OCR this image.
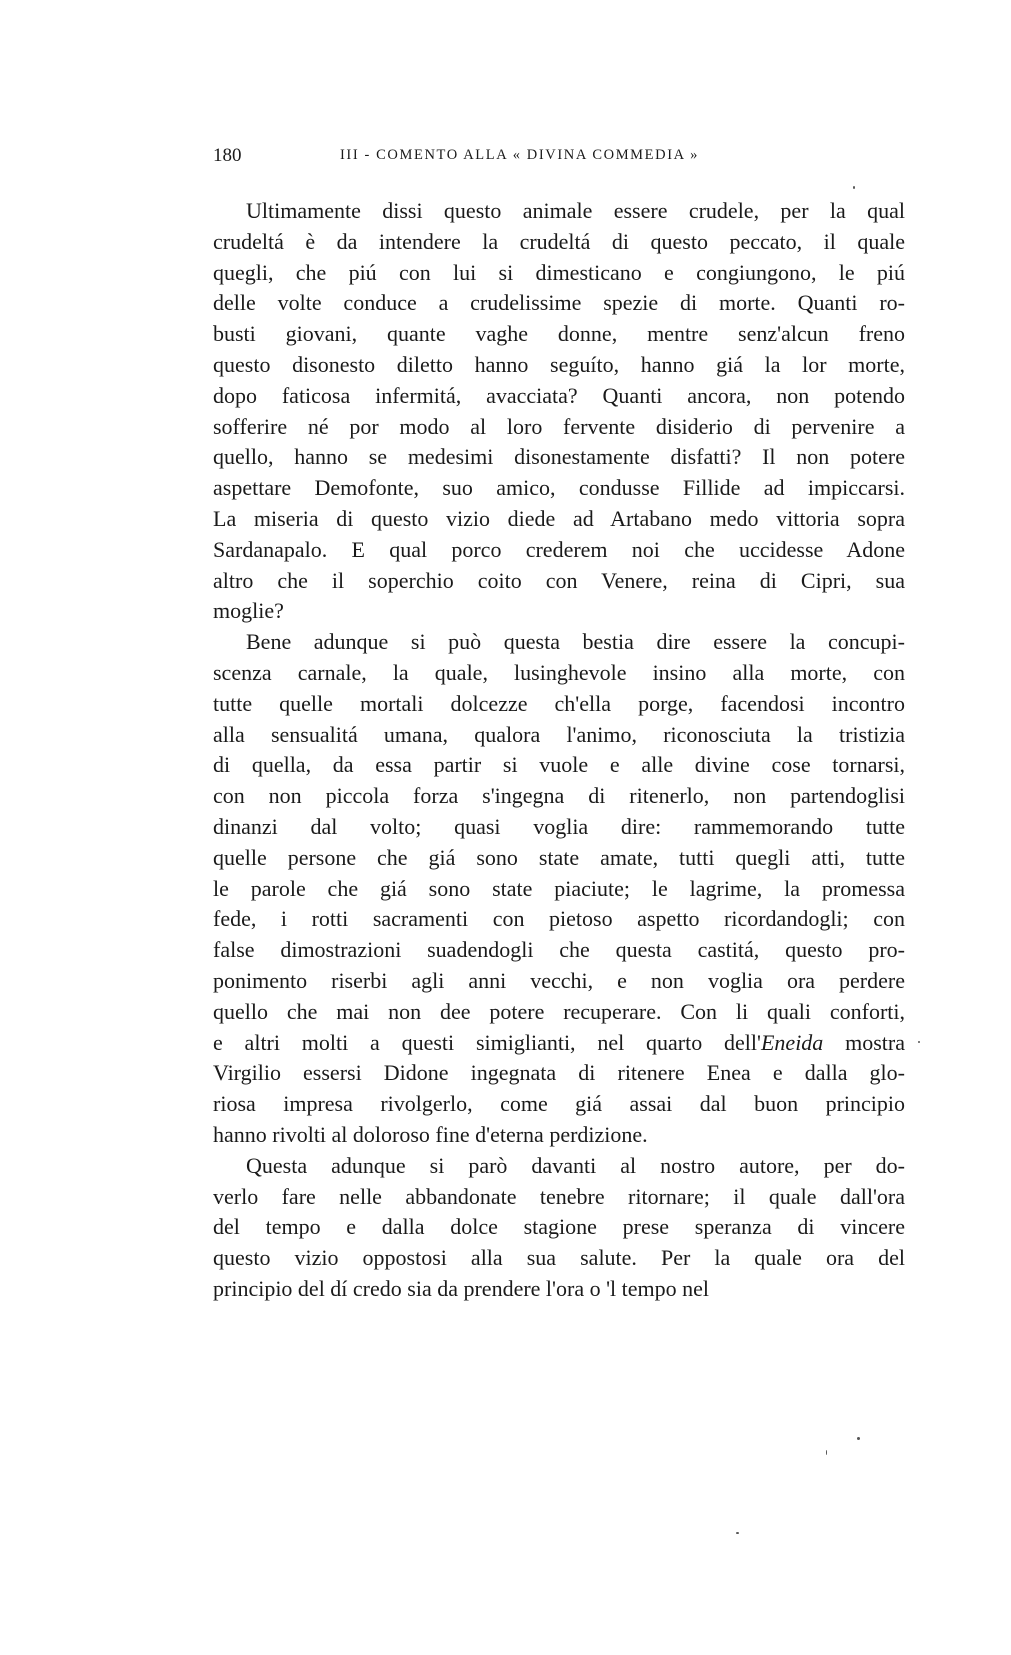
180	III - COMENTO ALLA « DIVINA COMMEDIA »
Ultimamente dissi questo animale essere crudele, per la qual
crudeltá è da intendere la crudeltá di questo peccato, il quale
quegli, che piú con lui si dimesticano e congiungono, le piú
delle volte conduce a crudelissime spezie di morte. Quanti ro-
busti giovani, quante vaghe donne, mentre senz'alcun freno
questo disonesto diletto hanno seguíto, hanno giá la lor morte,
dopo faticosa infermitá, avacciata? Quanti ancora, non potendo
sofferire né por modo al loro fervente disiderio di pervenire a
quello, hanno se medesimi disonestamente disfatti? Il non potere
aspettare Demofonte, suo amico, condusse Fillide ad impiccarsi.
La miseria di questo vizio diede ad Artabano medo vittoria sopra
Sardanapalo. E qual porco crederem noi che uccidesse Adone
altro che il soperchio coito con Venere, reina di Cipri, sua
moglie?
Bene adunque si può questa bestia dire essere la concupi-
scenza carnale, la quale, lusinghevole insino alla morte, con
tutte quelle mortali dolcezze ch'ella porge, facendosi incontro
alla sensualitá umana, qualora l'animo, riconosciuta la tristizia
di quella, da essa partir si vuole e alle divine cose tornarsi,
con non piccola forza s'ingegna di ritenerlo, non partendoglisi
dinanzi dal volto; quasi voglia dire: rammemorando tutte
quelle persone che giá sono state amate, tutti quegli atti, tutte
le parole che giá sono state piaciute; le lagrime, la promessa
fede, i rotti sacramenti con pietoso aspetto ricordandogli; con
false dimostrazioni suadendogli che questa castitá, questo pro-
ponimento riserbi agli anni vecchi, e non voglia ora perdere
quello che mai non dee potere recuperare. Con li quali conforti,
e altri molti a questi simiglianti, nel quarto dell'Eneida mostra
Virgilio essersi Didone ingegnata di ritenere Enea e dalla glo-
riosa impresa rivolgerlo, come giá assai dal buon principio
hanno rivolti al doloroso fine d'eterna perdizione.
Questa adunque si parò davanti al nostro autore, per do-
verlo fare nelle abbandonate tenebre ritornare; il quale dall'ora
del tempo e dalla dolce stagione prese speranza di vincere
questo vizio oppostosi alla sua salute. Per la quale ora del
principio del dí credo sia da prendere l'ora o 'l tempo nel
